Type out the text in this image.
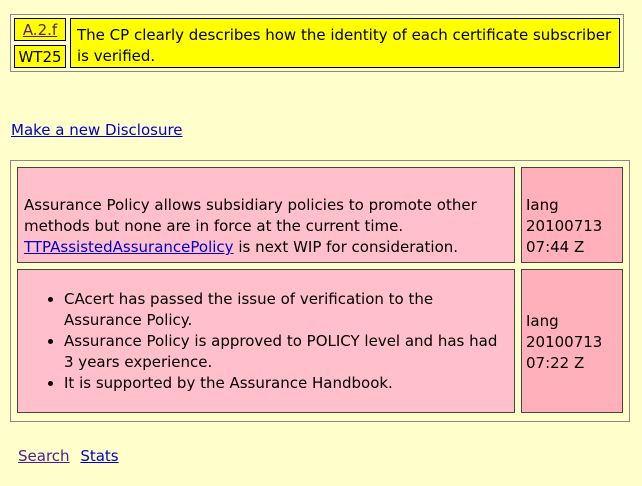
A.2.f
WT25
The CP clearly describes how the identity of each certificate subscriber is verified.
Make a new Disclosure
Assurance Policy allows subsidiary policies to promote other methods but none are in force at the current time. TTPAssistedAssurancePolicy is next WIP for consideration.
Iang
20100713
07:44 Z
• CAcert has passed the issue of verification to the Assurance Policy.
• Assurance Policy is approved to POLICY level and has had 3 years experience.
• It is supported by the Assurance Handbook.
Iang
20100713
07:22 Z
Search Stats
